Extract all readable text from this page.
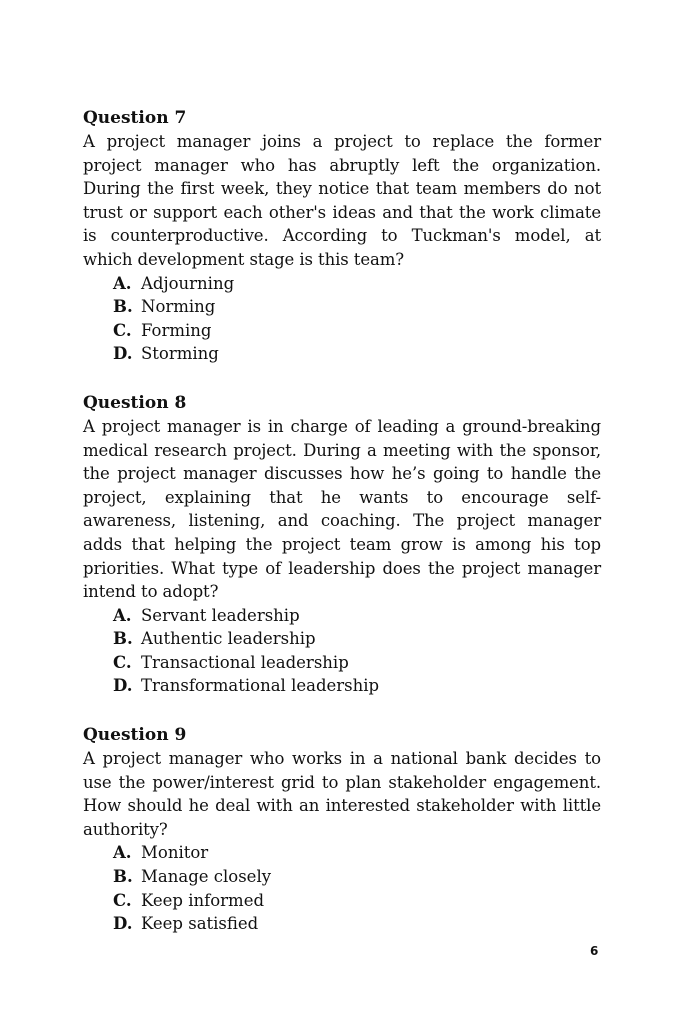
Question 7

A project manager joins a project to replace the former project manager who has abruptly left the organization. During the first week, they notice that team members do not trust or support each other's ideas and that the work climate is counterproductive. According to Tuckman's model, at which development stage is this team?

A. Adjourning
B. Norming
C. Forming
D. Storming
Question 8

A project manager is in charge of leading a ground-breaking medical research project. During a meeting with the sponsor, the project manager discusses how he’s going to handle the project, explaining that he wants to encourage self-awareness, listening, and coaching. The project manager adds that helping the project team grow is among his top priorities. What type of leadership does the project manager intend to adopt?

A. Servant leadership
B. Authentic leadership
C. Transactional leadership
D. Transformational leadership
Question 9

A project manager who works in a national bank decides to use the power/interest grid to plan stakeholder engagement. How should he deal with an interested stakeholder with little authority?

A. Monitor
B. Manage closely
C. Keep informed
D. Keep satisfied
6
